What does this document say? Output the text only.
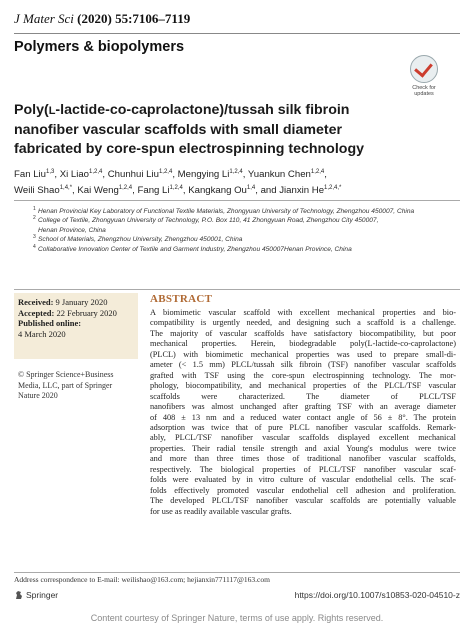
J Mater Sci (2020) 55:7106–7119
Polymers & biopolymers
Check for
updates
Poly(L-lactide-co-caprolactone)/tussah silk fibroin
nanofiber vascular scaffolds with small diameter
fabricated by core-spun electrospinning technology
Fan Liu$^{1,3}$, Xi Liao$^{1,2,4}$, Chunhui Liu$^{1,2,4}$, Mengying Li$^{1,2,4}$, Yuankun Chen$^{1,2,4}$,
Weili Shao$^{1,4,*}$, Kai Weng$^{1,2,4}$, Fang Li$^{1,2,4}$, Kangkang Ou$^{1,4}$, and Jianxin $He^{1,2,4,*}$
1 Henan Provincial Key Laboratory of Functional Textile Materials, Zhongyuan University of Technology, Zhengzhou 450007, China
2 College of Textile, Zhongyuan University of Technology, P.O. Box 110, 41 Zhongyuan Road, Zhengzhou City 450007,
Henan Province, China
3 School of Materials, Zhengzhou University, Zhengzhou 450001, China
4 Collaborative Innovation Center of Textile and Garment Industry, Zhengzhou 450007Henan Province, China
Received: 9 January 2020
Accepted: 22 February 2020
Published online:
4 March 2020
© Springer Science+Business
Media, LLC, part of Springer
Nature 2020
ABSTRACT
A biomimetic vascular scaffold with excellent mechanical properties and bio-
compatibility is urgently needed, and designing such a scaffold is a challenge.
The majority of vascular scaffolds have satisfactory biocompatibility, but poor
mechanical properties. Herein, biodegradable poly(L-lactide-co-caprolactone)
(PLCL) with biomimetic mechanical properties was used to prepare small-di-
ameter (< 1.5 mm) PLCL/tussah silk fibroin (TSF) nanofiber vascular scaffolds
grafted with TSF using the core-spun electrospinning technology. The mor-
phology, biocompatibility, and mechanical properties of the PLCL/TSF vascular
scaffolds were characterized. The diameter of PLCL/TSF
nanofibers was almost unchanged after grafting TSF with an average diameter
of 408 ± 13 nm and a reduced water contact angle of 56 ± 8°. The protein
adsorption was twice that of pure PLCL nanofiber vascular scaffolds. Remark-
ably, PLCL/TSF nanofiber vascular scaffolds displayed excellent mechanical
properties. Their radial tensile strength and axial Young's modulus were twice
and more than three times those of traditional nanofiber vascular scaffolds,
respectively. The biological properties of PLCL/TSF nanofiber vascular scaf-
folds were evaluated by in vitro culture of vascular endothelial cells. The scaf-
folds effectively promoted vascular endothelial cell adhesion and proliferation.
The developed PLCL/TSF nanofiber vascular scaffolds are potentially valuable
for use as readily available vascular grafts.
Address correspondence to E-mail: weilishao@163.com; hejianxin771117@163.com
Springer	https://doi.org/10.1007/s10853-020-04510-z
Content courtesy of Springer Nature, terms of use apply. Rights reserved.
